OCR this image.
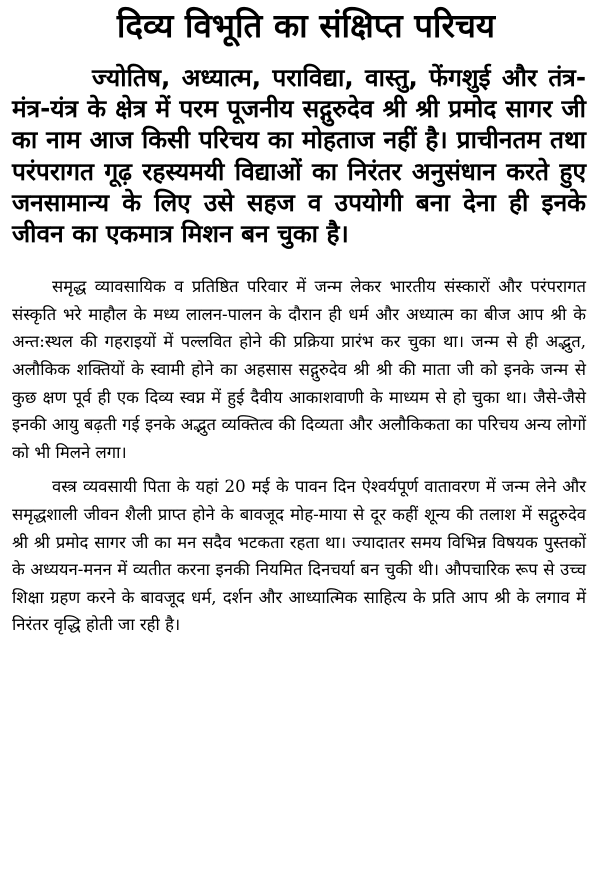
दिव्य विभूति का संक्षिप्त परिचय

ज्योतिष, अध्यात्म, पराविद्या, वास्तु, फेंगशुई और तंत्र-मंत्र-यंत्र के क्षेत्र में परम पूजनीय सद्गुरुदेव श्री श्री प्रमोद सागर जी का नाम आज किसी परिचय का मोहताज नहीं है। प्राचीनतम तथा परंपरागत गूढ़ रहस्यमयी विद्याओं का निरंतर अनुसंधान करते हुए जनसामान्य के लिए उसे सहज व उपयोगी बना देना ही इनके जीवन का एकमात्र मिशन बन चुका है।

समृद्ध व्यावसायिक व प्रतिष्ठित परिवार में जन्म लेकर भारतीय संस्कारों और परंपरागत संस्कृति भरे माहौल के मध्य लालन-पालन के दौरान ही धर्म और अध्यात्म का बीज आप श्री के अन्त:स्थल की गहराइयों में पल्लवित होने की प्रक्रिया प्रारंभ कर चुका था। जन्म से ही अद्भुत, अलौकिक शक्तियों के स्वामी होने का अहसास सद्गुरुदेव श्री श्री की माता जी को इनके जन्म से कुछ क्षण पूर्व ही एक दिव्य स्वप्न में हुई दैवीय आकाशवाणी के माध्यम से हो चुका था। जैसे-जैसे इनकी आयु बढ़ती गई इनके अद्भुत व्यक्तित्व की दिव्यता और अलौकिकता का परिचय अन्य लोगों को भी मिलने लगा।

वस्त्र व्यवसायी पिता के यहां 20 मई के पावन दिन ऐश्वर्यपूर्ण वातावरण में जन्म लेने और समृद्धशाली जीवन शैली प्राप्त होने के बावजूद मोह-माया से दूर कहीं शून्य की तलाश में सद्गुरुदेव श्री श्री प्रमोद सागर जी का मन सदैव भटकता रहता था। ज्यादातर समय विभिन्न विषयक पुस्तकों के अध्ययन-मनन में व्यतीत करना इनकी नियमित दिनचर्या बन चुकी थी। औपचारिक रूप से उच्च शिक्षा ग्रहण करने के बावजूद धर्म, दर्शन और आध्यात्मिक साहित्य के प्रति आप श्री के लगाव में निरंतर वृद्धि होती जा रही है।
